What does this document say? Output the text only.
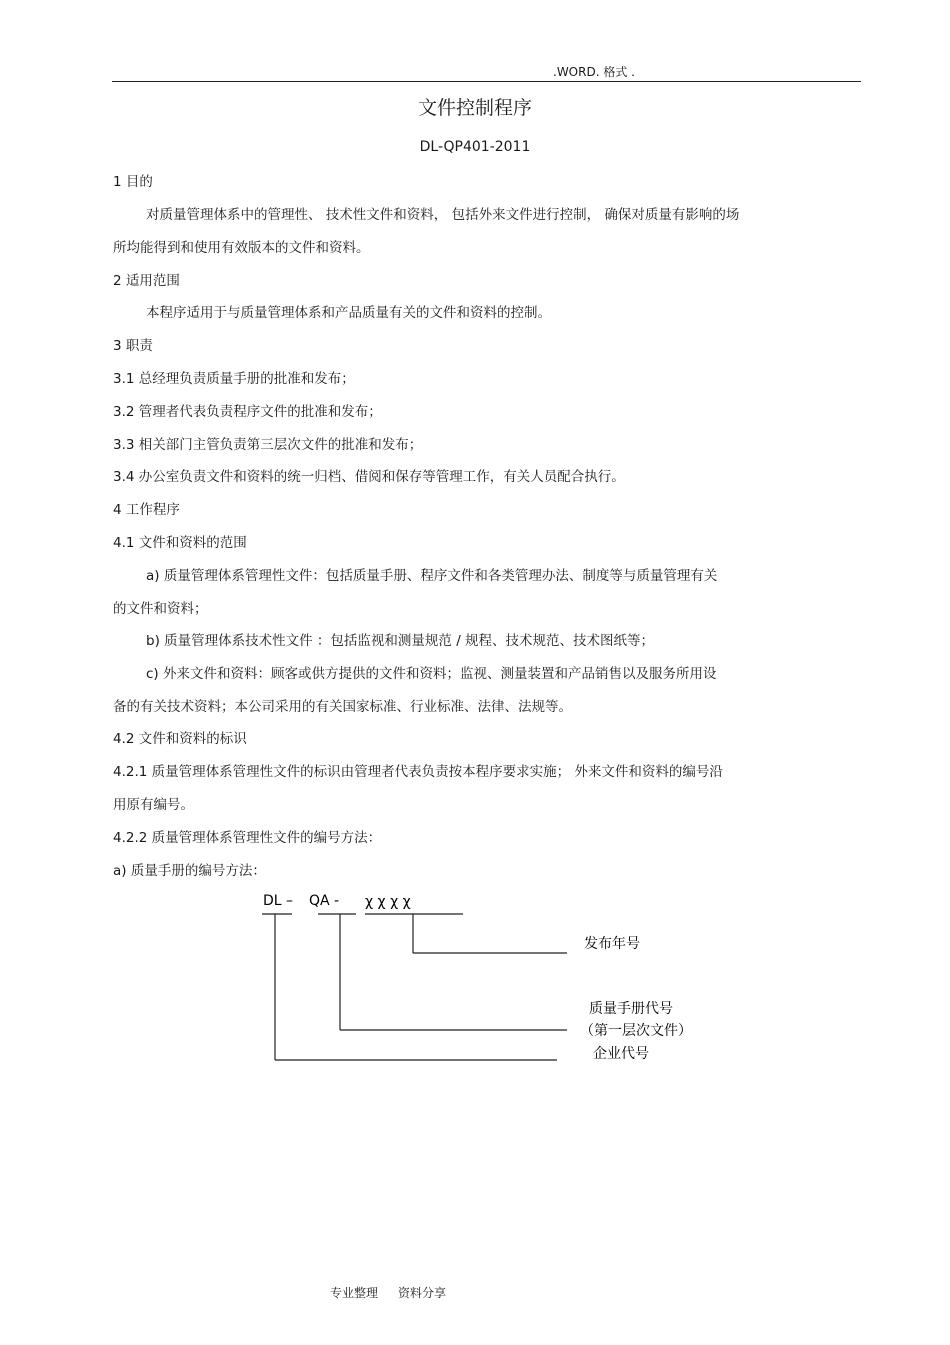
.WORD. 格式 .
文件控制程序
DL-QP401-2011
1 目的
对质量管理体系中的管理性、 技术性文件和资料， 包括外来文件进行控制， 确保对质量有影响的场
所均能得到和使用有效版本的文件和资料。
2 适用范围
本程序适用于与质量管理体系和产品质量有关的文件和资料的控制。
3 职责
3.1 总经理负责质量手册的批准和发布；
3.2 管理者代表负责程序文件的批准和发布；
3.3 相关部门主管负责第三层次文件的批准和发布；
3.4 办公室负责文件和资料的统一归档、借阅和保存等管理工作，有关人员配合执行。
4 工作程序
4.1 文件和资料的范围
a) 质量管理体系管理性文件：包括质量手册、程序文件和各类管理办法、制度等与质量管理有关
的文件和资料；
b) 质量管理体系技术性文件 ：包括监视和测量规范 / 规程、技术规范、技术图纸等；
c) 外来文件和资料：顾客或供方提供的文件和资料；监视、测量装置和产品销售以及服务所用设
备的有关技术资料；本公司采用的有关国家标准、行业标准、法律、法规等。
4.2 文件和资料的标识
4.2.1 质量管理体系管理性文件的标识由管理者代表负责按本程序要求实施； 外来文件和资料的编号沿
用原有编号。
4.2.2 质量管理体系管理性文件的编号方法：
a) 质量手册的编号方法：
DL – QA - χ χ χ χ
发布年号
质量手册代号
（第一层次文件）
企业代号
专业整理 资料分享
